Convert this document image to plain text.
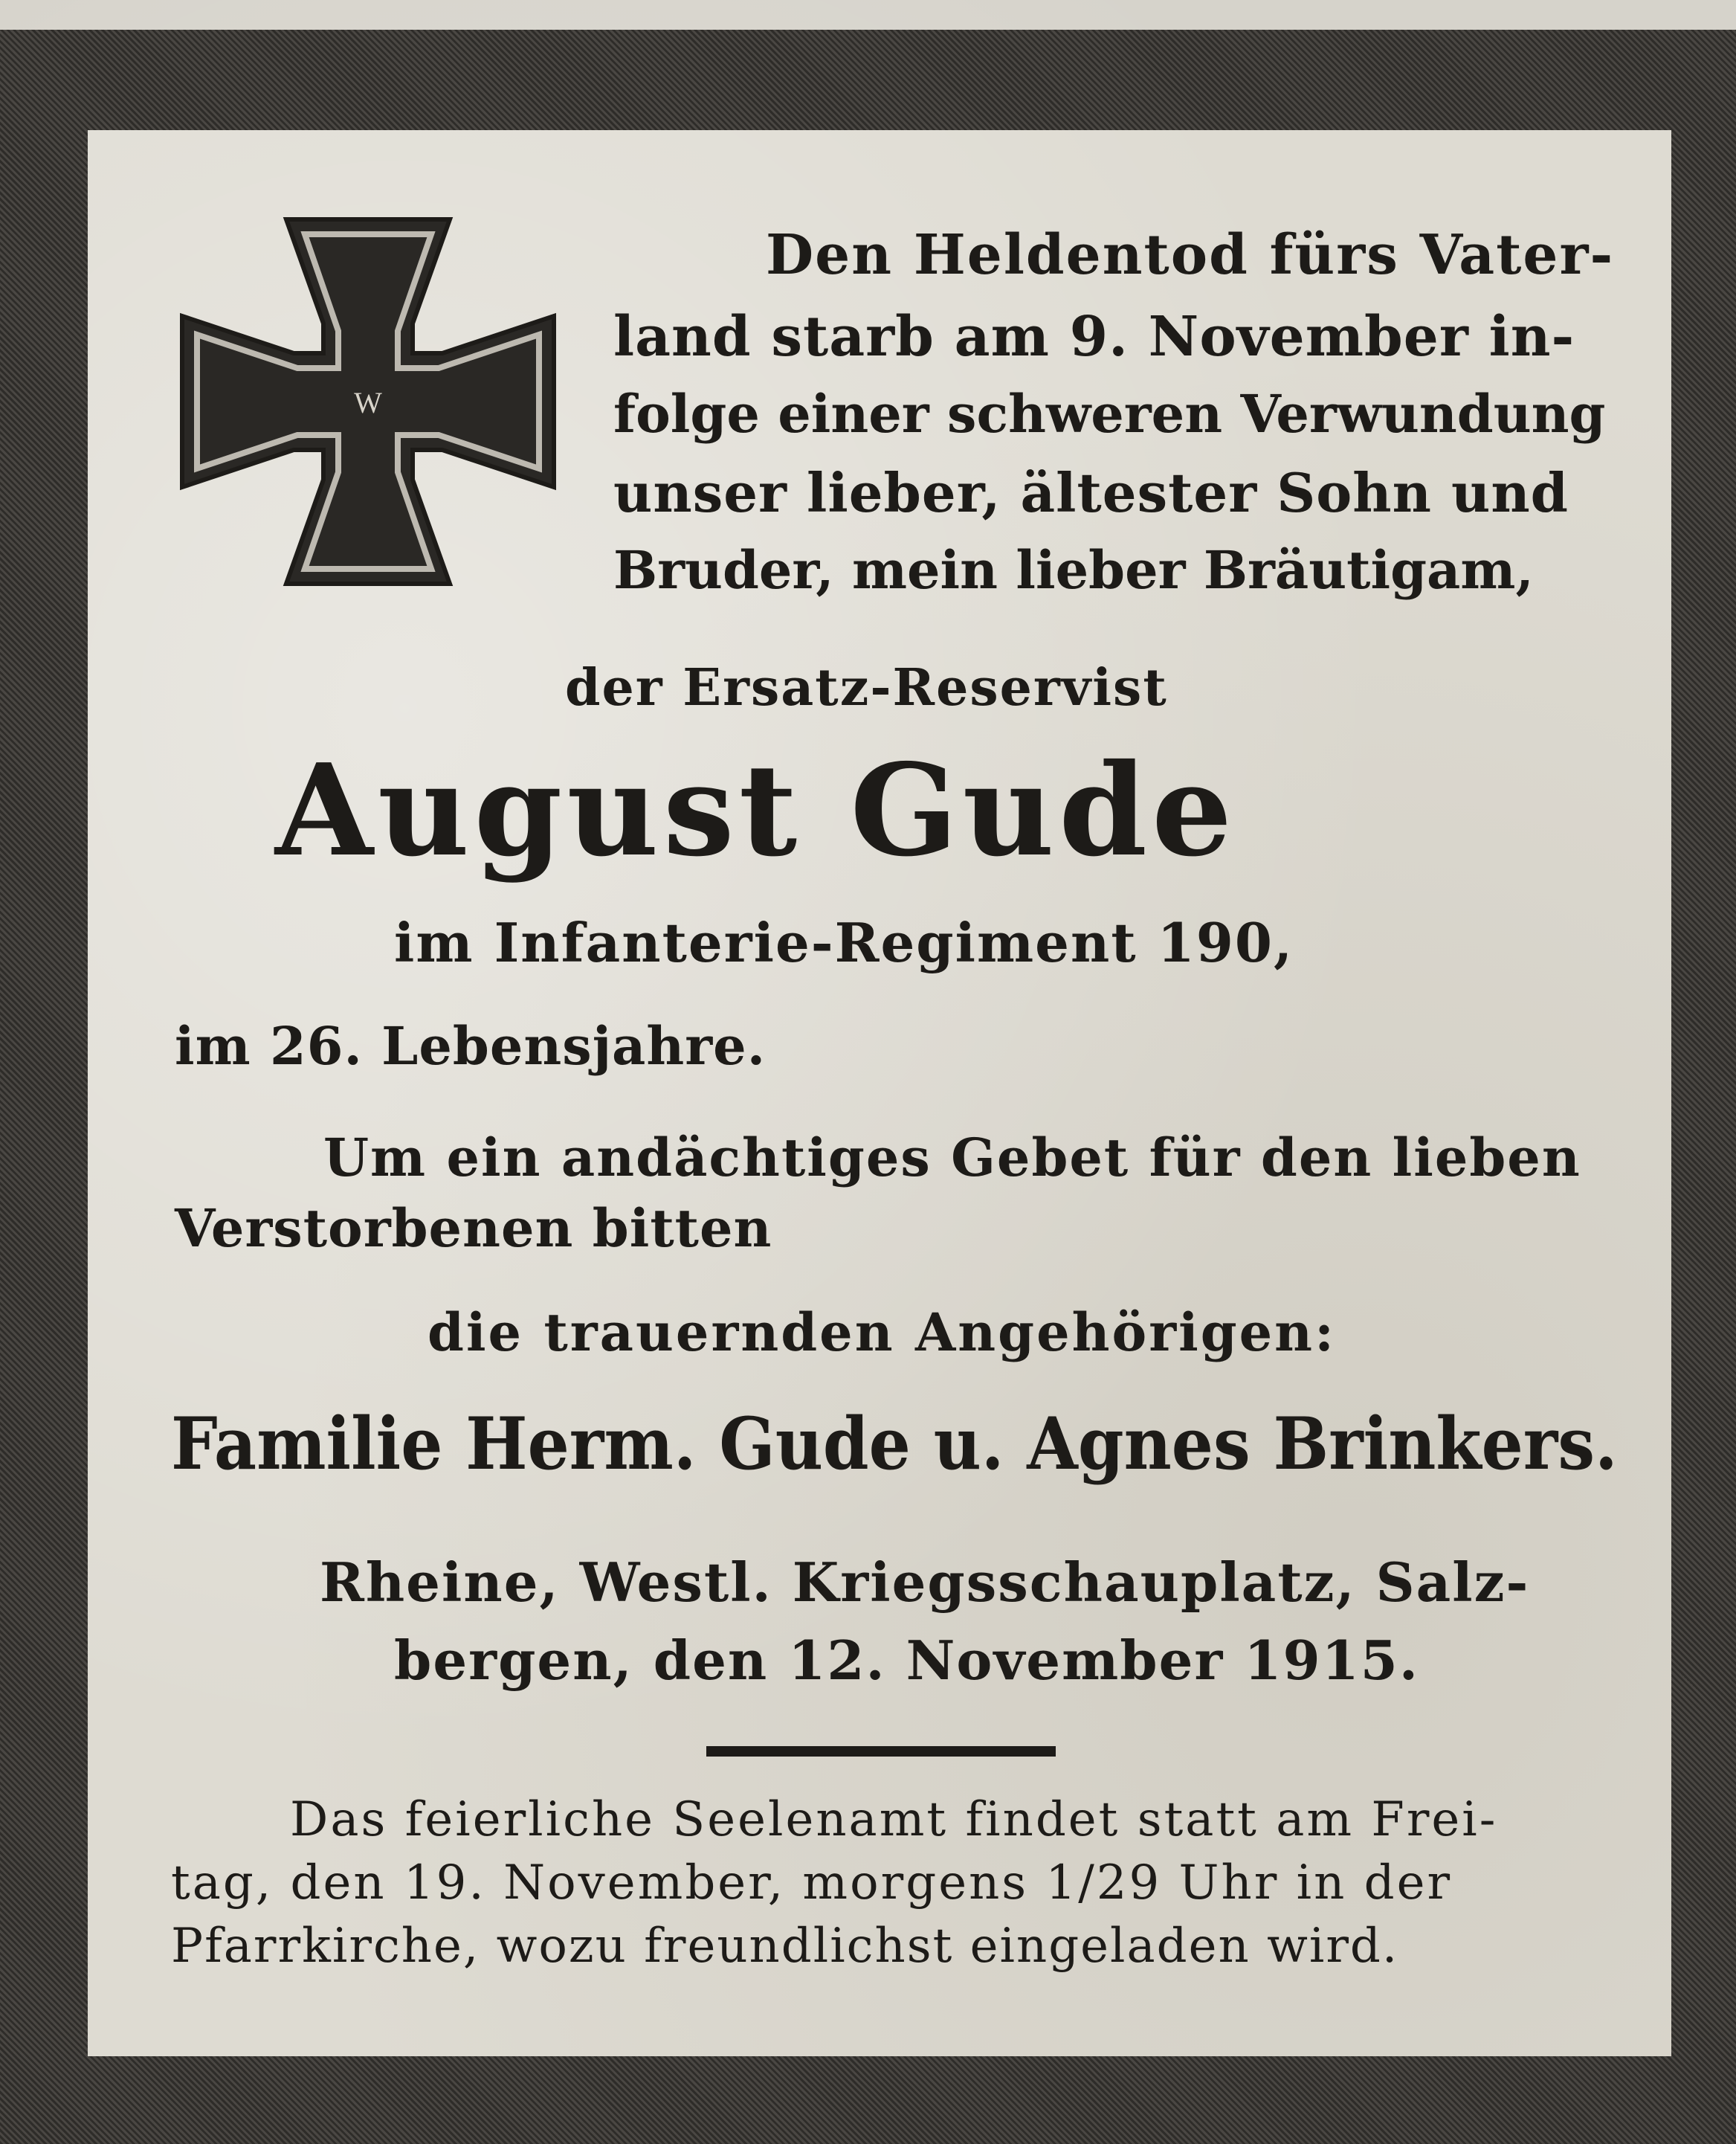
W
Den Heldentod fürs Vater-
land starb am 9. November in-
folge einer schweren Verwundung
unser lieber, ältester Sohn und
Bruder, mein lieber Bräutigam,
der Ersatz-Reservist
August Gude
im Infanterie-Regiment 190,
im 26. Lebensjahre.
Um ein andächtiges Gebet für den lieben
Verstorbenen bitten
die trauernden Angehörigen:
Familie Herm. Gude u. Agnes Brinkers.
Rheine, Westl. Kriegsschauplatz, Salz-
bergen, den 12. November 1915.
Das feierliche Seelenamt findet statt am Frei-
tag, den 19. November, morgens 1/29 Uhr in der
Pfarrkirche, wozu freundlichst eingeladen wird.
